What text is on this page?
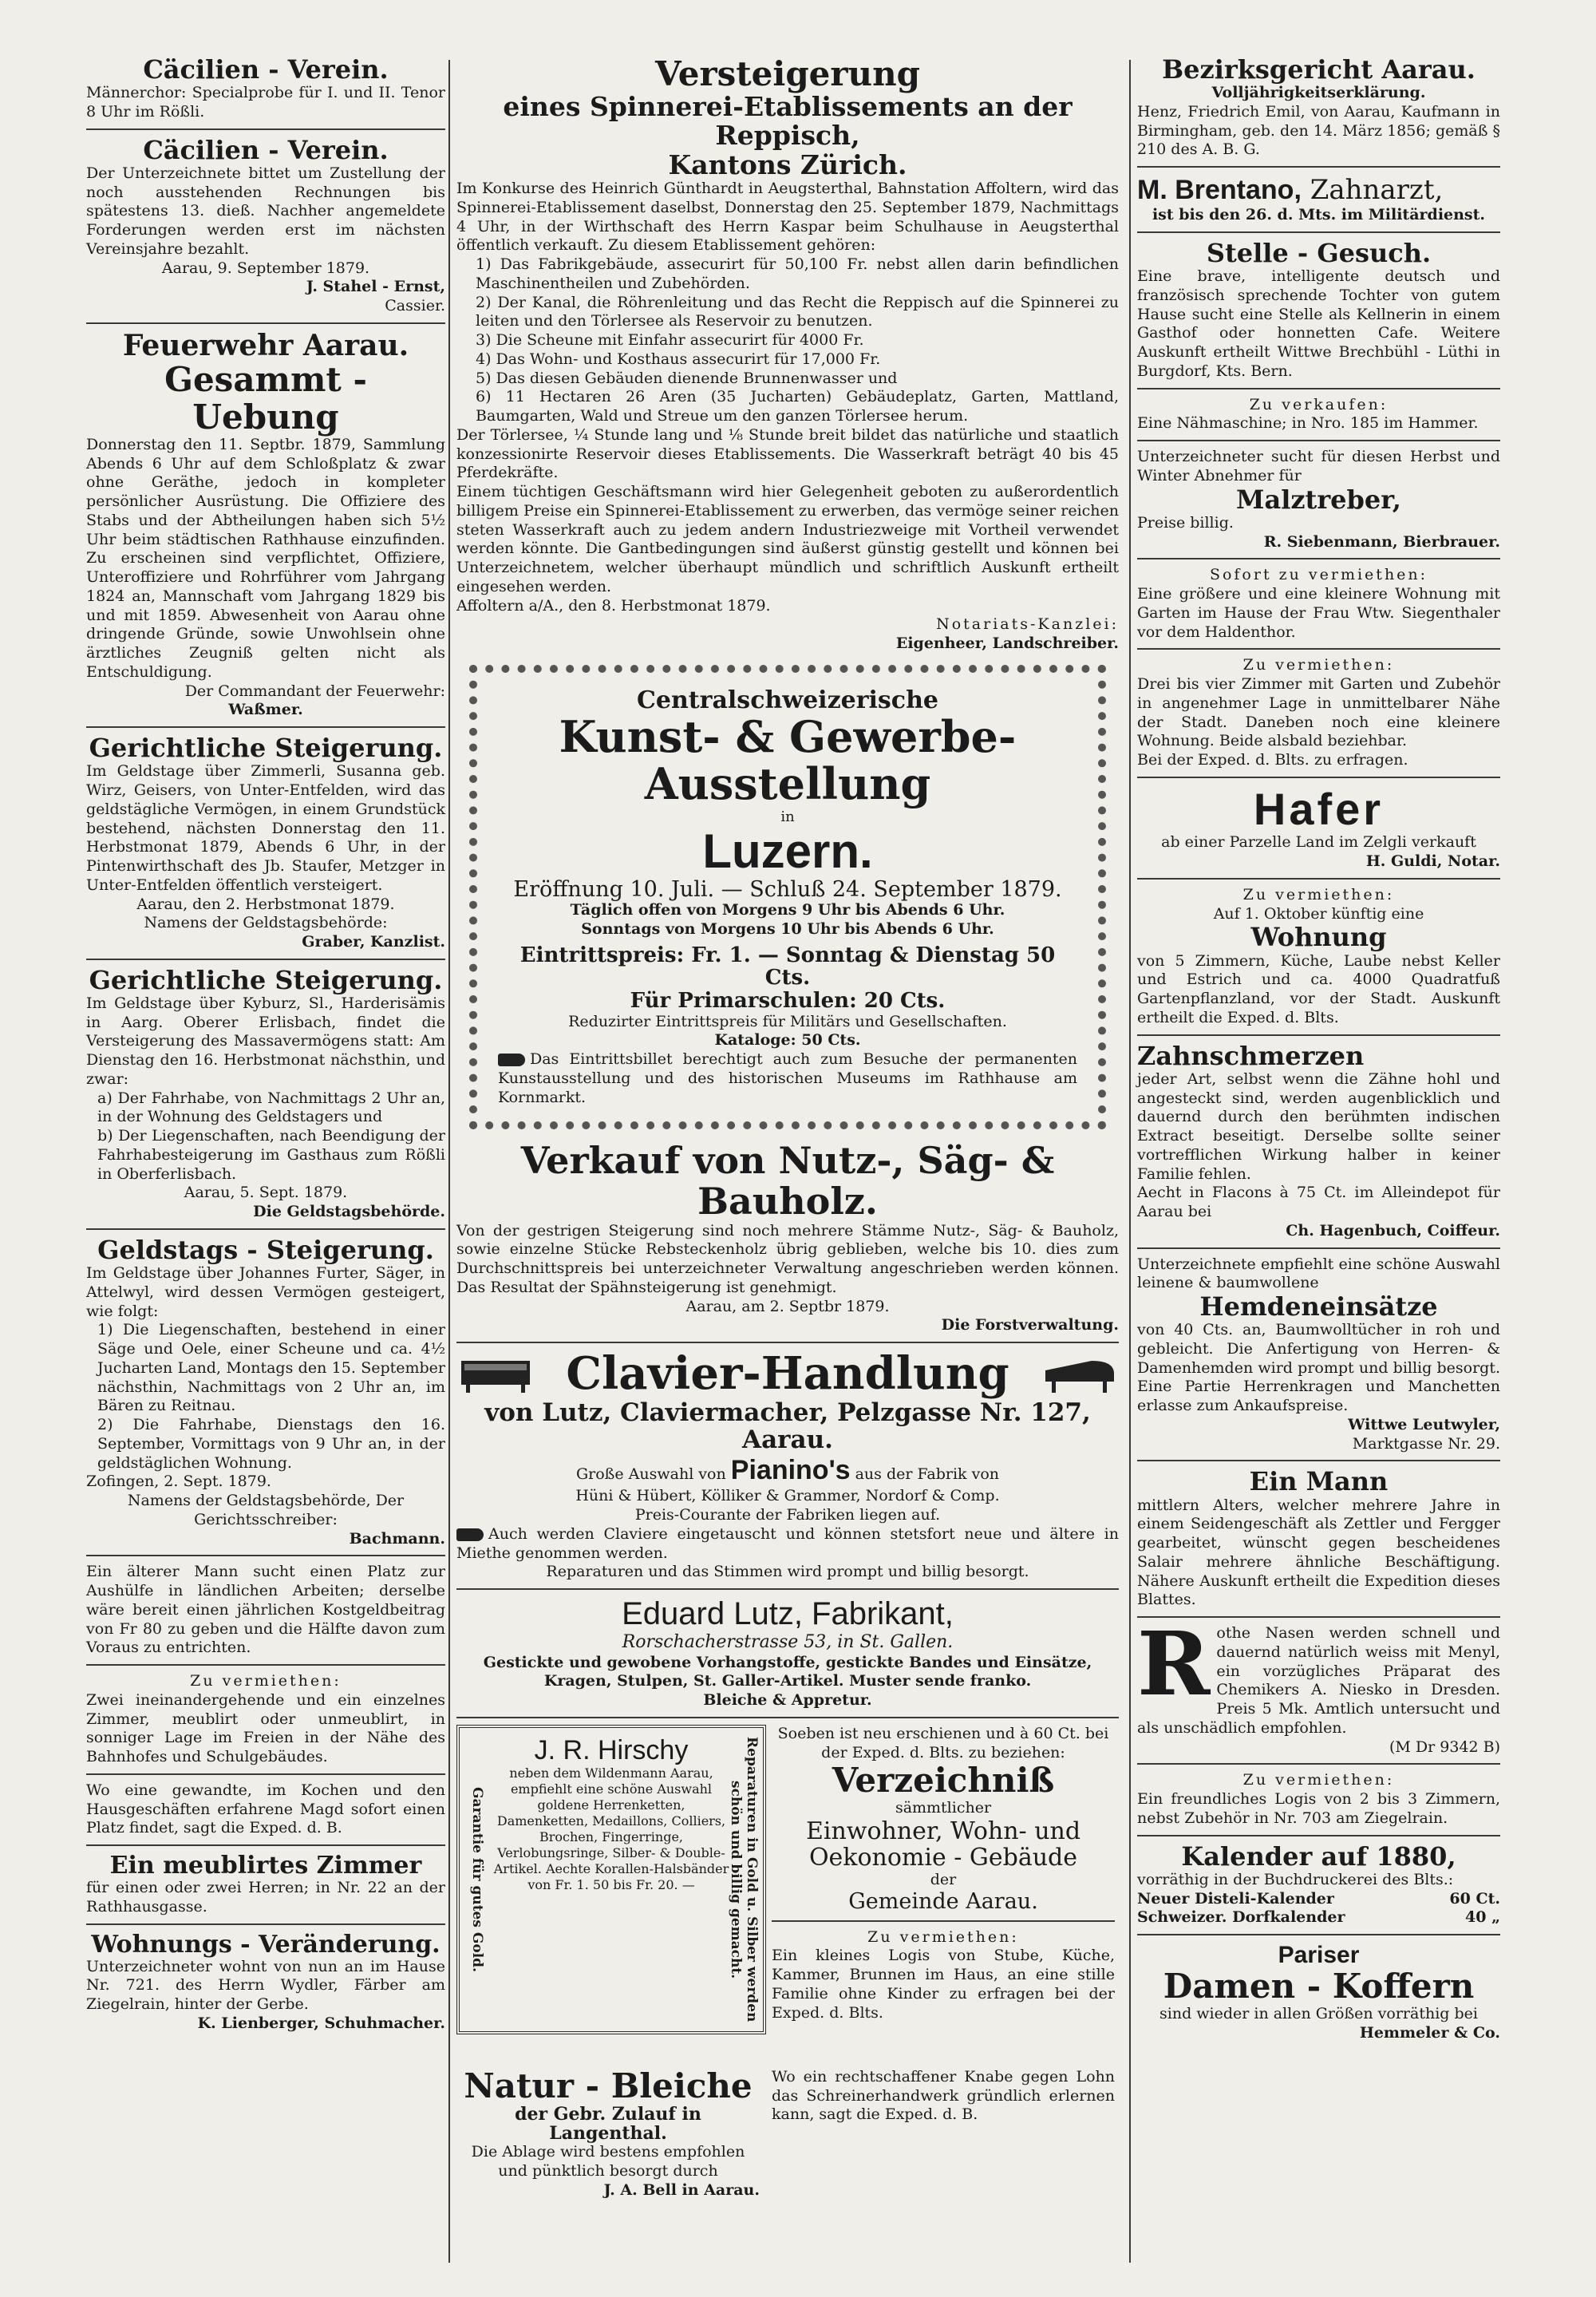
Cäcilien - Verein.
Männerchor: Specialprobe für I. und II. Tenor 8 Uhr im Rößli.
Cäcilien - Verein.
Der Unterzeichnete bittet um Zustellung der noch ausstehenden Rechnungen bis spätestens 13. dieß. Nachher angemeldete Forderungen werden erst im nächsten Vereinsjahre bezahlt.
Aarau, 9. September 1879.
J. Stahel - Ernst,
Cassier.
Feuerwehr Aarau.
Gesammt - Uebung
Donnerstag den 11. Septbr. 1879, Sammlung Abends 6 Uhr auf dem Schloßplatz & zwar ohne Geräthe, jedoch in kompleter persönlicher Ausrüstung. Die Offiziere des Stabs und der Abtheilungen haben sich 5½ Uhr beim städtischen Rathhause einzufinden. Zu erscheinen sind verpflichtet, Offiziere, Unteroffiziere und Rohrführer vom Jahrgang 1824 an, Mannschaft vom Jahrgang 1829 bis und mit 1859. Abwesenheit von Aarau ohne dringende Gründe, sowie Unwohlsein ohne ärztliches Zeugniß gelten nicht als Entschuldigung.
Der Commandant der Feuerwehr:
Waßmer.
Gerichtliche Steigerung.
Im Geldstage über Zimmerli, Susanna geb. Wirz, Geisers, von Unter-Entfelden, wird das geldstägliche Vermögen, in einem Grundstück bestehend, nächsten Donnerstag den 11. Herbstmonat 1879, Abends 6 Uhr, in der Pintenwirthschaft des Jb. Staufer, Metzger in Unter-Entfelden öffentlich versteigert.
Aarau, den 2. Herbstmonat 1879.
Namens der Geldstagsbehörde:
Graber, Kanzlist.
Gerichtliche Steigerung.
Im Geldstage über Kyburz, Sl., Harderisämis in Aarg. Oberer Erlisbach, findet die Versteigerung des Massavermögens statt: Am Dienstag den 16. Herbstmonat nächsthin, und zwar:
a) Der Fahrhabe, von Nachmittags 2 Uhr an, in der Wohnung des Geldstagers und
b) Der Liegenschaften, nach Beendigung der Fahrhabesteigerung im Gasthaus zum Rößli in Oberferlisbach.
Aarau, 5. Sept. 1879.
Die Geldstagsbehörde.
Geldstags - Steigerung.
Im Geldstage über Johannes Furter, Säger, in Attelwyl, wird dessen Vermögen gesteigert, wie folgt:
1) Die Liegenschaften, bestehend in einer Säge und Oele, einer Scheune und ca. 4½ Jucharten Land, Montags den 15. September nächsthin, Nachmittags von 2 Uhr an, im Bären zu Reitnau.
2) Die Fahrhabe, Dienstags den 16. September, Vormittags von 9 Uhr an, in der geldstäglichen Wohnung.
Zofingen, 2. Sept. 1879.
Namens der Geldstagsbehörde, Der Gerichtsschreiber:
Bachmann.
Ein älterer Mann sucht einen Platz zur Aushülfe in ländlichen Arbeiten; derselbe wäre bereit einen jährlichen Kostgeldbeitrag von Fr 80 zu geben und die Hälfte davon zum Voraus zu entrichten.
Zu vermiethen:
Zwei ineinandergehende und ein einzelnes Zimmer, meublirt oder unmeublirt, in sonniger Lage im Freien in der Nähe des Bahnhofes und Schulgebäudes.
Wo eine gewandte, im Kochen und den Hausgeschäften erfahrene Magd sofort einen Platz findet, sagt die Exped. d. B.
Ein meublirtes Zimmer
für einen oder zwei Herren; in Nr. 22 an der Rathhausgasse.
Wohnungs - Veränderung.
Unterzeichneter wohnt von nun an im Hause Nr. 721. des Herrn Wydler, Färber am Ziegelrain, hinter der Gerbe.
K. Lienberger, Schuhmacher.
Versteigerung
eines Spinnerei-Etablissements an der Reppisch,
Kantons Zürich.
Im Konkurse des Heinrich Günthardt in Aeugsterthal, Bahnstation Affoltern, wird das Spinnerei-Etablissement daselbst, Donnerstag den 25. September 1879, Nachmittags 4 Uhr, in der Wirthschaft des Herrn Kaspar beim Schulhause in Aeugsterthal öffentlich verkauft. Zu diesem Etablissement gehören:
1) Das Fabrikgebäude, assecurirt für 50,100 Fr. nebst allen darin befindlichen Maschinentheilen und Zubehörden.
2) Der Kanal, die Röhrenleitung und das Recht die Reppisch auf die Spinnerei zu leiten und den Törlersee als Reservoir zu benutzen.
3) Die Scheune mit Einfahr assecurirt für 4000 Fr.
4) Das Wohn- und Kosthaus assecurirt für 17,000 Fr.
5) Das diesen Gebäuden dienende Brunnenwasser und
6) 11 Hectaren 26 Aren (35 Jucharten) Gebäudeplatz, Garten, Mattland, Baumgarten, Wald und Streue um den ganzen Törlersee herum.
Der Törlersee, ¼ Stunde lang und ⅛ Stunde breit bildet das natürliche und staatlich konzessionirte Reservoir dieses Etablissements. Die Wasserkraft beträgt 40 bis 45 Pferdekräfte.
Einem tüchtigen Geschäftsmann wird hier Gelegenheit geboten zu außerordentlich billigem Preise ein Spinnerei-Etablissement zu erwerben, das vermöge seiner reichen steten Wasserkraft auch zu jedem andern Industriezweige mit Vortheil verwendet werden könnte. Die Gantbedingungen sind äußerst günstig gestellt und können bei Unterzeichnetem, welcher überhaupt mündlich und schriftlich Auskunft ertheilt eingesehen werden.
Affoltern a/A., den 8. Herbstmonat 1879.
Notariats-Kanzlei:
Eigenheer, Landschreiber.
Centralschweizerische
Kunst- & Gewerbe-Ausstellung
in
Luzern.
Eröffnung 10. Juli. — Schluß 24. September 1879.
Täglich offen von Morgens 9 Uhr bis Abends 6 Uhr.
Sonntags von Morgens 10 Uhr bis Abends 6 Uhr.
Eintrittspreis: Fr. 1. — Sonntag & Dienstag 50 Cts.
Für Primarschulen: 20 Cts.
Reduzirter Eintrittspreis für Militärs und Gesellschaften.
Kataloge: 50 Cts.
Das Eintrittsbillet berechtigt auch zum Besuche der permanenten Kunstausstellung und des historischen Museums im Rathhause am Kornmarkt.
Verkauf von Nutz-, Säg- & Bauholz.
Von der gestrigen Steigerung sind noch mehrere Stämme Nutz-, Säg- & Bauholz, sowie einzelne Stücke Rebsteckenholz übrig geblieben, welche bis 10. dies zum Durchschnittspreis bei unterzeichneter Verwaltung angeschrieben werden können. Das Resultat der Spähnsteigerung ist genehmigt.
Aarau, am 2. Septbr 1879.
Die Forstverwaltung.
Clavier-Handlung
von Lutz, Claviermacher, Pelzgasse Nr. 127, Aarau.
Große Auswahl von Pianino's aus der Fabrik von
Hüni & Hübert, Kölliker & Grammer, Nordorf & Comp.
Preis-Courante der Fabriken liegen auf.
Auch werden Claviere eingetauscht und können stetsfort neue und ältere in Miethe genommen werden.
Reparaturen und das Stimmen wird prompt und billig besorgt.
Eduard Lutz, Fabrikant,
Rorschacherstrasse 53, in St. Gallen.
Gestickte und gewobene Vorhangstoffe, gestickte Bandes und Einsätze, Kragen, Stulpen, St. Galler-Artikel. Muster sende franko.
Bleiche & Appretur.
Garantie für gutes Gold.	Reparaturen in Gold u. Silber werden schön und billig gemacht.
J. R. Hirschy
neben dem Wildenmann Aarau, empfiehlt eine schöne Auswahl goldene Herrenketten, Damenketten, Medaillons, Colliers, Brochen, Fingerringe, Verlobungsringe, Silber- & Double-Artikel. Aechte Korallen-Halsbänder von Fr. 1. 50 bis Fr. 20. —
Soeben ist neu erschienen und à 60 Ct. bei der Exped. d. Blts. zu beziehen:
Verzeichniß
sämmtlicher
Einwohner, Wohn- und
Oekonomie - Gebäude
der
Gemeinde Aarau.
Zu vermiethen:
Ein kleines Logis von Stube, Küche, Kammer, Brunnen im Haus, an eine stille Familie ohne Kinder zu erfragen bei der Exped. d. Blts.
Natur - Bleiche
der Gebr. Zulauf in Langenthal.
Die Ablage wird bestens empfohlen und pünktlich besorgt durch
J. A. Bell in Aarau.
Wo ein rechtschaffener Knabe gegen Lohn das Schreinerhandwerk gründlich erlernen kann, sagt die Exped. d. B.
Bezirksgericht Aarau.
Volljährigkeitserklärung.
Henz, Friedrich Emil, von Aarau, Kaufmann in Birmingham, geb. den 14. März 1856; gemäß § 210 des A. B. G.
M. Brentano, Zahnarzt,
ist bis den 26. d. Mts. im Militärdienst.
Stelle - Gesuch.
Eine brave, intelligente deutsch und französisch sprechende Tochter von gutem Hause sucht eine Stelle als Kellnerin in einem Gasthof oder honnetten Cafe. Weitere Auskunft ertheilt Wittwe Brechbühl - Lüthi in Burgdorf, Kts. Bern.
Zu verkaufen:
Eine Nähmaschine; in Nro. 185 im Hammer.
Unterzeichneter sucht für diesen Herbst und Winter Abnehmer für
Malztreber,
Preise billig.
R. Siebenmann, Bierbrauer.
Sofort zu vermiethen:
Eine größere und eine kleinere Wohnung mit Garten im Hause der Frau Wtw. Siegenthaler vor dem Haldenthor.
Zu vermiethen:
Drei bis vier Zimmer mit Garten und Zubehör in angenehmer Lage in unmittelbarer Nähe der Stadt. Daneben noch eine kleinere Wohnung. Beide alsbald beziehbar.
Bei der Exped. d. Blts. zu erfragen.
Hafer
ab einer Parzelle Land im Zelgli verkauft
H. Guldi, Notar.
Zu vermiethen:
Auf 1. Oktober künftig eine
Wohnung
von 5 Zimmern, Küche, Laube nebst Keller und Estrich und ca. 4000 Quadratfuß Gartenpflanzland, vor der Stadt. Auskunft ertheilt die Exped. d. Blts.
Zahnschmerzen
jeder Art, selbst wenn die Zähne hohl und angesteckt sind, werden augenblicklich und dauernd durch den berühmten indischen Extract beseitigt. Derselbe sollte seiner vortrefflichen Wirkung halber in keiner Familie fehlen.
Aecht in Flacons à 75 Ct. im Alleindepot für Aarau bei
Ch. Hagenbuch, Coiffeur.
Unterzeichnete empfiehlt eine schöne Auswahl leinene & baumwollene
Hemdeneinsätze
von 40 Cts. an, Baumwolltücher in roh und gebleicht. Die Anfertigung von Herren- & Damenhemden wird prompt und billig besorgt. Eine Partie Herrenkragen und Manchetten erlasse zum Ankaufspreise.
Wittwe Leutwyler,
Marktgasse Nr. 29.
Ein Mann
mittlern Alters, welcher mehrere Jahre in einem Seidengeschäft als Zettler und Fergger gearbeitet, wünscht gegen bescheidenes Salair mehrere ähnliche Beschäftigung. Nähere Auskunft ertheilt die Expedition dieses Blattes.
Rothe Nasen werden schnell und dauernd natürlich weiss mit Menyl, ein vorzügliches Präparat des Chemikers A. Niesko in Dresden. Preis 5 Mk. Amtlich untersucht und als unschädlich empfohlen.
(M Dr 9342 B)
Zu vermiethen:
Ein freundliches Logis von 2 bis 3 Zimmern, nebst Zubehör in Nr. 703 am Ziegelrain.
Kalender auf 1880,
vorräthig in der Buchdruckerei des Blts.:
Neuer Disteli-Kalender	60 Ct.
Schweizer. Dorfkalender	40 „
Pariser
Damen - Koffern
sind wieder in allen Größen vorräthig bei
Hemmeler & Co.
